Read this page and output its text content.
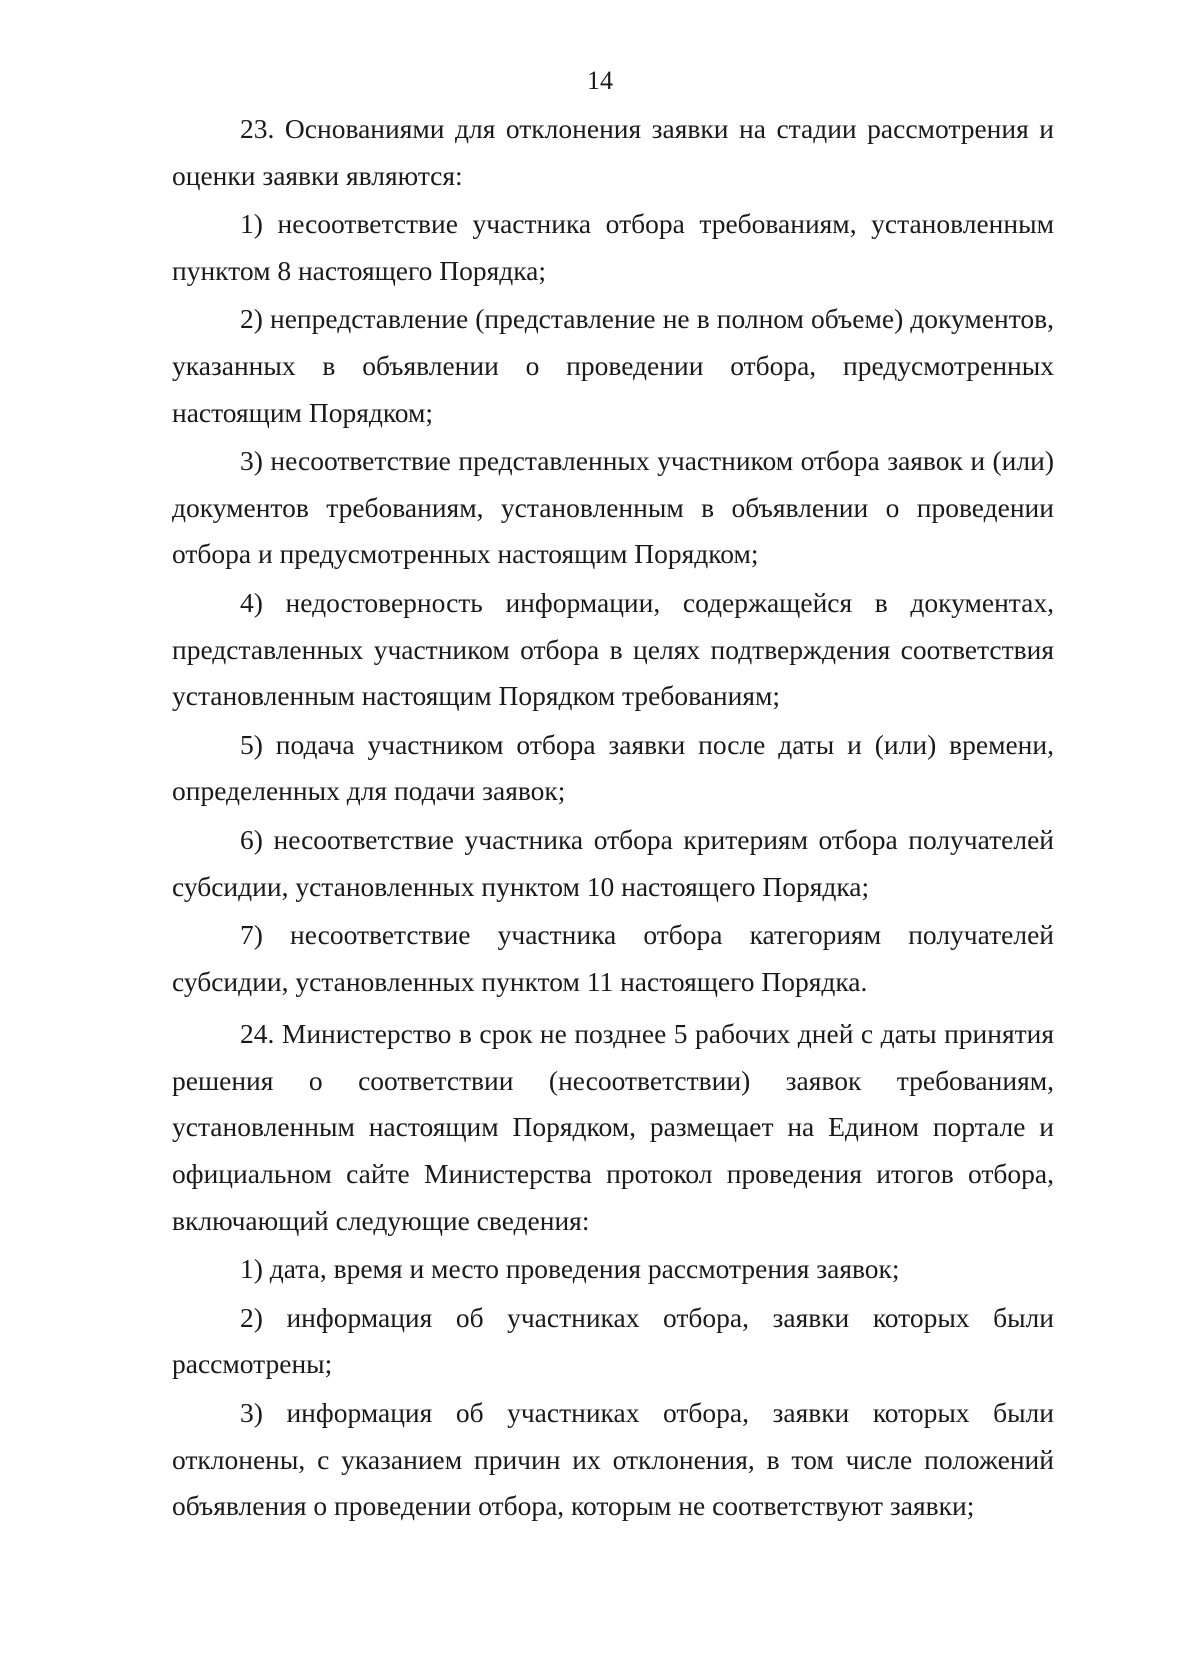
14

23. Основаниями для отклонения заявки на стадии рассмотрения и оценки заявки являются:

1) несоответствие участника отбора требованиям, установленным пунктом 8 настоящего Порядка;

2) непредставление (представление не в полном объеме) документов, указанных в объявлении о проведении отбора, предусмотренных настоящим Порядком;

3) несоответствие представленных участником отбора заявок и (или) документов требованиям, установленным в объявлении о проведении отбора и предусмотренных настоящим Порядком;

4) недостоверность информации, содержащейся в документах, представленных участником отбора в целях подтверждения соответствия установленным настоящим Порядком требованиям;

5) подача участником отбора заявки после даты и (или) времени, определенных для подачи заявок;

6) несоответствие участника отбора критериям отбора получателей субсидии, установленных пунктом 10 настоящего Порядка;

7) несоответствие участника отбора категориям получателей субсидии, установленных пунктом 11 настоящего Порядка.

24. Министерство в срок не позднее 5 рабочих дней с даты принятия решения о соответствии (несоответствии) заявок требованиям, установленным настоящим Порядком, размещает на Едином портале и официальном сайте Министерства протокол проведения итогов отбора, включающий следующие сведения:

1) дата, время и место проведения рассмотрения заявок;

2) информация об участниках отбора, заявки которых были рассмотрены;

3) информация об участниках отбора, заявки которых были отклонены, с указанием причин их отклонения, в том числе положений объявления о проведении отбора, которым не соответствуют заявки;
